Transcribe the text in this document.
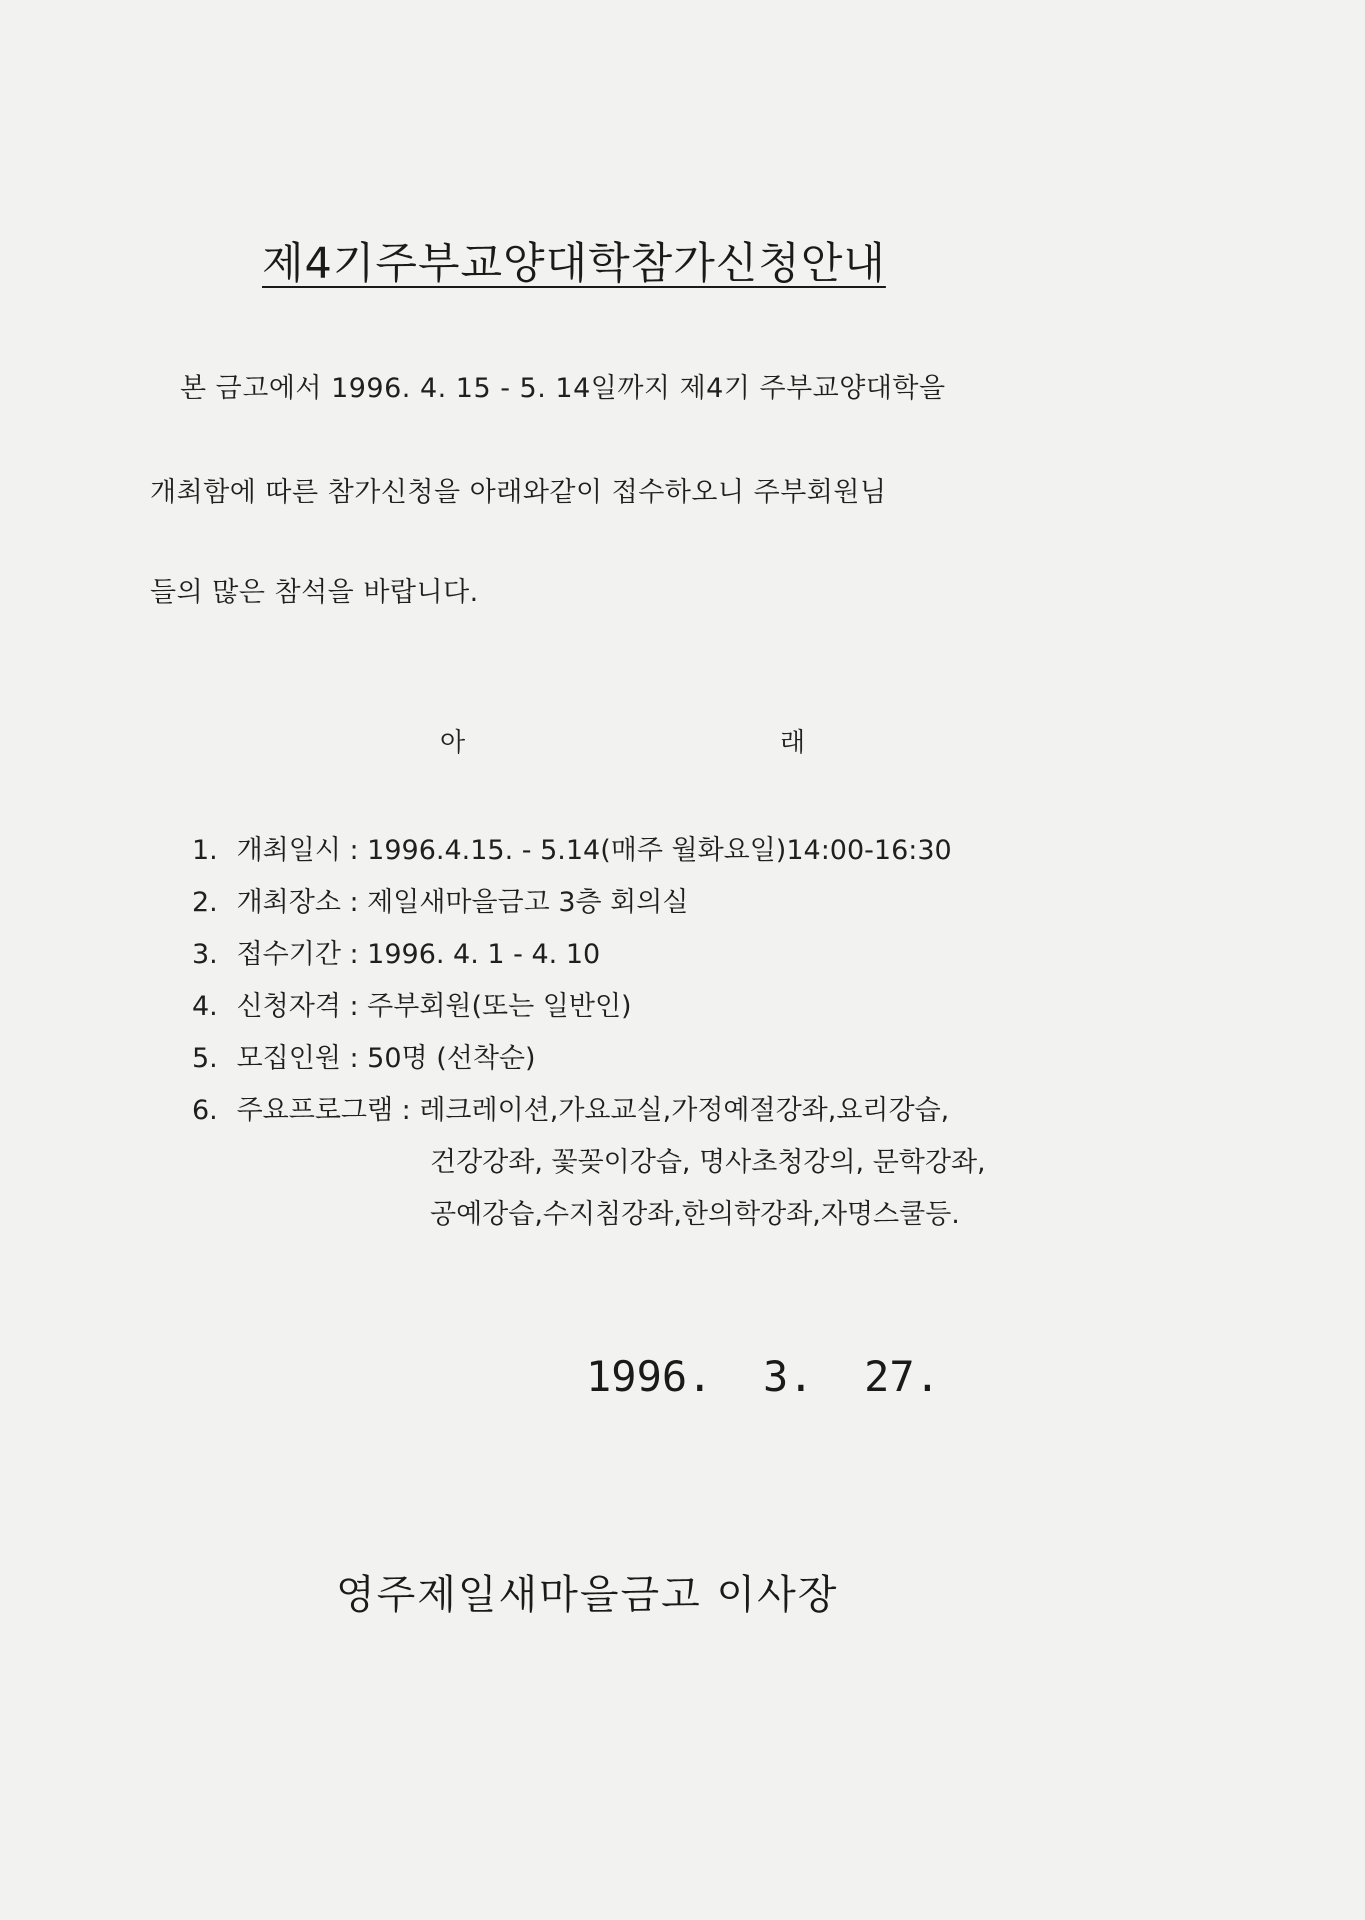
제4기주부교양대학참가신청안내
본 금고에서 1996. 4. 15 - 5. 14일까지 제4기 주부교양대학을
개최함에 따른 참가신청을 아래와같이 접수하오니 주부회원님
들의 많은 참석을 바랍니다.
아	래
1. 개최일시 : 1996.4.15. - 5.14(매주 월화요일)14:00-16:30
2. 개최장소 : 제일새마을금고 3층 회의실
3. 접수기간 : 1996. 4. 1 - 4. 10
4. 신청자격 : 주부회원(또는 일반인)
5. 모집인원 : 50명 (선착순)
6. 주요프로그램 : 레크레이션,가요교실,가정예절강좌,요리강습,
건강강좌, 꽃꽂이강습, 명사초청강의, 문학강좌,
공예강습,수지침강좌,한의학강좌,자명스쿨등.
1996.  3.  27.
영주제일새마을금고 이사장
